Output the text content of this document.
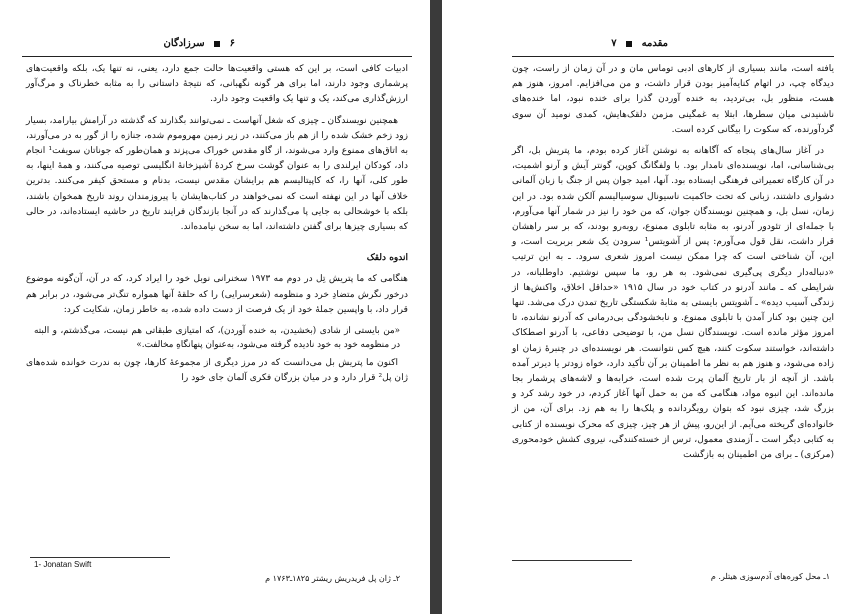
۶  سرزادگان

ادبیات کافی است، بر این که هستی واقعیت‌ها حالت جمع دارد، یعنی، نه تنها یک، بلکه واقعیت‌های پرشماری وجود دارند، اما برای هر گونه نگهبانی، که نتیجهٔ داستانی را به مثابه خطرناک و مرگ‌آور ارزش‌گذاری می‌کند، یک و تنها یک واقعیت وجود دارد.

همچنین نویسندگان ـ چیزی که شغل آنهاست ـ نمی‌توانند بگذارند که گذشته در آرامش بیارامد، بسیار زود زخم خشک شده را از هم باز می‌کنند، در زیر زمین مهروموم شده، جنازه را از گور به در می‌آورند، به اتاق‌های ممنوع وارد می‌شوند، از گاو مقدس خوراک می‌پزند و همان‌طور که جوناتان سویفت¹ انجام داد، کودکان ایرلندی را به عنوان گوشت سرخ کردهٔ آشپزخانهٔ انگلیسی توصیه می‌کنند، و همهٔ اینها، به طور کلی، آنها را، که کاپیتالیسم هم برایشان مقدس نیست، بدنام و مستحق کیفر می‌کنند. بدترین خلاف آنها در این نهفته است که نمی‌خواهند در کتاب‌هایشان با پیروزمندان روند تاریخ همخوان باشند، بلکه با خوشحالی به جایی پا می‌گذارند که در آنجا بازندگان فرایند تاریخ در حاشیه ایستاده‌اند، در حالی که بسیاری چیزها برای گفتن داشته‌اند، اما به سخن نیامده‌اند.

اندوه دلقک

هنگامی که ما پتریش تِل در دوم مه ۱۹۷۳ سخنرانی نوبل خود را ایراد کرد، که در آن، آن‌گونه موضوع درخور نگرش متضادِ خرد و منظومه (شعرسرایی) را که حلقهٔ آنها همواره تنگ‌تر می‌شود، در برابر هم قرار داد، با واپسین جملهٔ خود از یک فرصت از دست داده شده، به خاطر زمان، شکایت کرد:

«من بایستی از شادی (بخشیدن، به خنده آوردن)، که امتیازی طبقاتی هم نیست، می‌گذشتم، و البته در منظومه خود به خود نادیده گرفته می‌شود، به‌عنوان پنهانگاهِ مخالفت.»

اکنون ما پتریش بل می‌دانست که در مرز دیگری از مجموعهٔ کارها، چون به ندرت خوانده شده‌های ژان پل² قرار دارد و در میان بزرگان فکری آلمان جای خود را

1- Jonatan Swift
۲ـ ژان پل فریدریش ریشتر ۱۸۲۵ـ۱۷۶۳ م
مقدمه  ۷

یافته است، مانند بسیاری از کارهای ادبی توماس مان و در آن زمان از راست، چون دیدگاه چپ، در اتهام کنایه‌آمیز بودن قرار داشت، و من می‌افزایم. امروز، هنوز هم هست، منظور بل، بی‌تردید، به خنده آوردن گذرا برای خنده نبود، اما خنده‌های ناشنیدنی میان سطرها، ابتلا به غمگینی مزمن دلقک‌هایش، کمدی نومید آن سوی گردآورنده، که سکوت را بیگانی کرده است.

در آغاز سال‌های پنجاه که آگاهانه به نوشتن آغاز کرده بودم، ما پتریش بل، اگر بی‌شناسانی، اما، نویسنده‌ای نامدار بود. با ولفگانگ کوپن، گونتر آیش و آرنو اشمیت، در آن کارگاه تعمیراتی فرهنگی ایستاده بود. آنها، امید جوان پس از جنگ با زبان آلمانی دشواری داشتند، زبانی که تحت حاکمیت ناسیونال سوسیالیسم آلکن شده بود. در این زمان، نسل بل، و همچنین نویسندگان جوان، که من خود را نیز در شمار آنها می‌آورم، با جمله‌ای از تئودور آدرنو، به مثابه تابلوی ممنوع، روبه‌رو بودند، که بر سر راهشان قرار داشت، نقل قول می‌آورم: پس از آشویتس¹ سرودن یک شعر بربریت است، و این، آن شناختی است که چرا ممکن نیست امروز شعری سرود. ـ به این ترتیب «دنباله‌دار دیگری پی‌گیری نمی‌شود. به هر رو، ما سپس نوشتیم. داوطلبانه، در شرایطی که ـ مانند آدرنو در کتاب خود در سال ۱۹۱۵ «حداقل اخلاق، واکنش‌ها از زندگی آسیب دیده» ـ آشویتس بایستی به مثابهٔ شکستگی تاریخ تمدن درک می‌شد. تنها این چنین بود کنار آمدن با تابلوی ممنوع. و نابخشودگی بی‌درمانی که آدرنو نشانده، تا امروز مؤثر مانده است. نویسندگان نسل من، با توضیحی دفاعی، با آدرنو اصطکاک داشته‌اند، خواستند سکوت کنند، هیچ کس نتوانست. هر نویسنده‌ای در چنبرهٔ زمان او زاده می‌شود، و هنوز هم به نظر ما اطمینان بر آن تأکید دارد، خواه زودتر یا دیرتر آمده باشد. از آنچه از بار تاریخ آلمان پرت شده است، خرابه‌ها و لاشه‌های پرشمار بجا مانده‌اند. این انبوه مواد، هنگامی که من به حمل آنها آغاز کردم، در خود رشد کرد و بزرگ شد، چیزی نبود که بتوان رویگردانده و پلک‌ها را به هم زد. برای آن، من از خانواده‌ای گریخته می‌آیم. از این‌رو، پیش از هر چیز، چیزی که محرک نویسنده از کتابی به کتابی دیگر است ـ آزمندی معمول، ترس از خسته‌کنندگی، نیروی کشش خودمحوری (مرکزی) ـ برای من اطمینان به بازگشت

۱ـ محل کوره‌های آدم‌سوزی هیتلر. م
